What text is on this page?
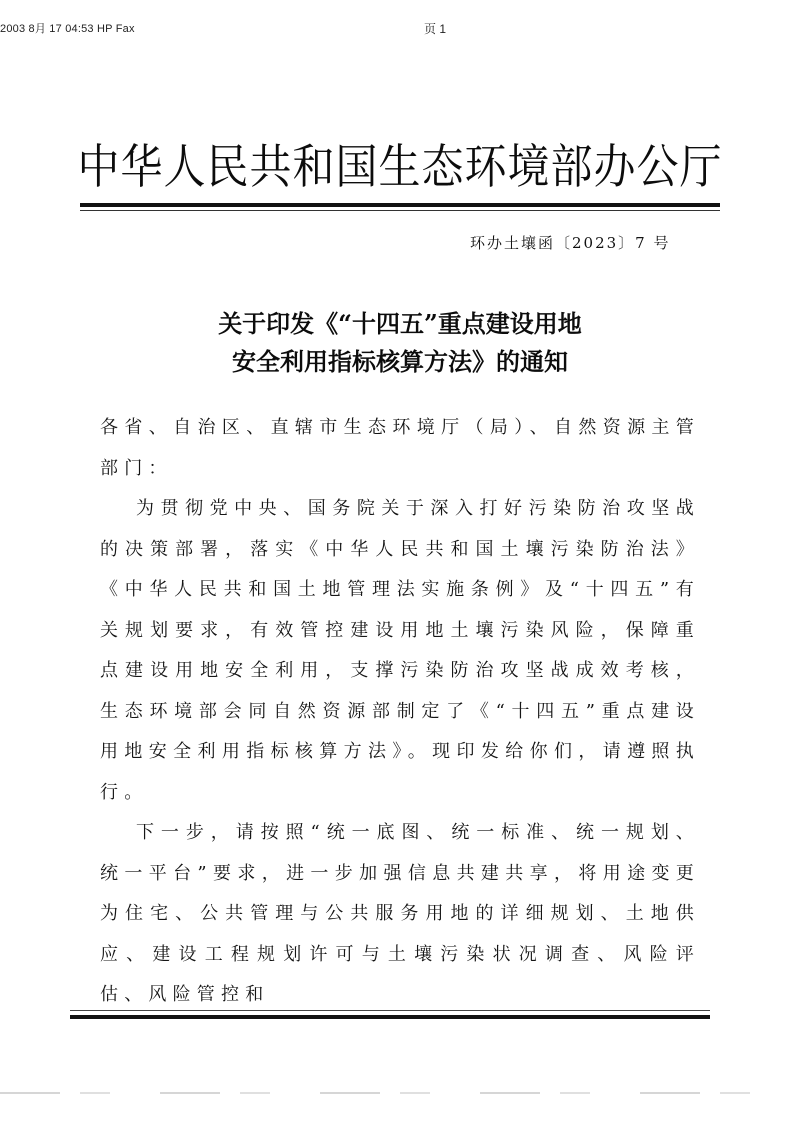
2003 8月 17 04:53 HP Fax	页 1
中华人民共和国生态环境部办公厅
环办土壤函〔2023〕7 号
关于印发《“十四五”重点建设用地
安全利用指标核算方法》的通知

各省、自治区、直辖市生态环境厅（局）、自然资源主管部门：

为贯彻党中央、国务院关于深入打好污染防治攻坚战的决策部署，落实《中华人民共和国土壤污染防治法》《中华人民共和国土地管理法实施条例》及“十四五”有关规划要求，有效管控建设用地土壤污染风险，保障重点建设用地安全利用，支撑污染防治攻坚战成效考核，生态环境部会同自然资源部制定了《“十四五”重点建设用地安全利用指标核算方法》。现印发给你们，请遵照执行。

下一步，请按照“统一底图、统一标准、统一规划、统一平台”要求，进一步加强信息共建共享，将用途变更为住宅、公共管理与公共服务用地的详细规划、土地供应、建设工程规划许可与土壤污染状况调查、风险评估、风险管控和
